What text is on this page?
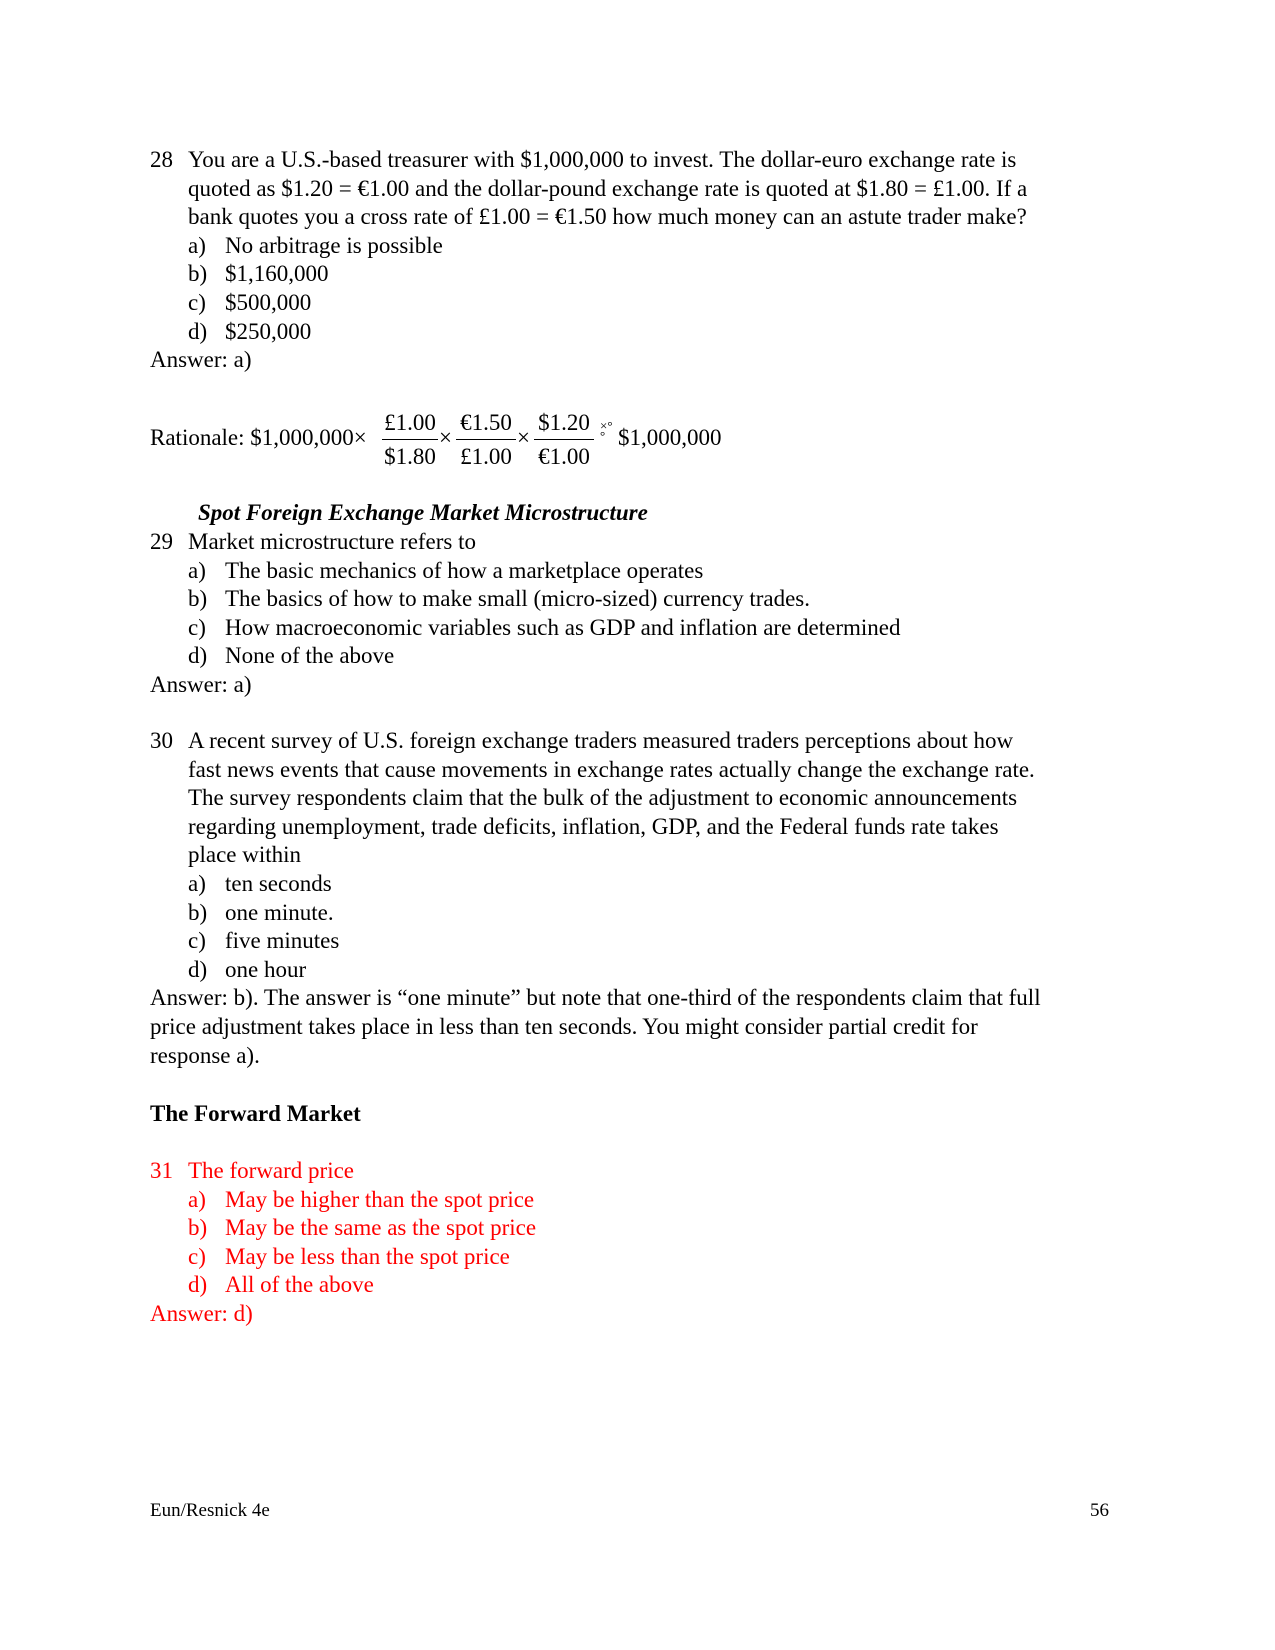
28 You are a U.S.-based treasurer with $1,000,000 to invest. The dollar-euro exchange rate is quoted as $1.20 = €1.00 and the dollar-pound exchange rate is quoted at $1.80 = £1.00. If a bank quotes you a cross rate of £1.00 = €1.50 how much money can an astute trader make?
a) No arbitrage is possible
b) $1,160,000
c) $500,000
d) $250,000
Answer: a)
Rationale: $1,000,000×
£1.00
$1.80
×
€1.50
£1.00
×
$1.20
€1.00
×°° $1,000,000
Spot Foreign Exchange Market Microstructure
29 Market microstructure refers to
a) The basic mechanics of how a marketplace operates
b) The basics of how to make small (micro-sized) currency trades.
c) How macroeconomic variables such as GDP and inflation are determined
d) None of the above
Answer: a)
30 A recent survey of U.S. foreign exchange traders measured traders perceptions about how fast news events that cause movements in exchange rates actually change the exchange rate. The survey respondents claim that the bulk of the adjustment to economic announcements regarding unemployment, trade deficits, inflation, GDP, and the Federal funds rate takes place within
a) ten seconds
b) one minute.
c) five minutes
d) one hour
Answer: b). The answer is “one minute” but note that one-third of the respondents claim that full price adjustment takes place in less than ten seconds. You might consider partial credit for response a).
The Forward Market
31 The forward price
a) May be higher than the spot price
b) May be the same as the spot price
c) May be less than the spot price
d) All of the above
Answer: d)
Eun/Resnick 4e	56
